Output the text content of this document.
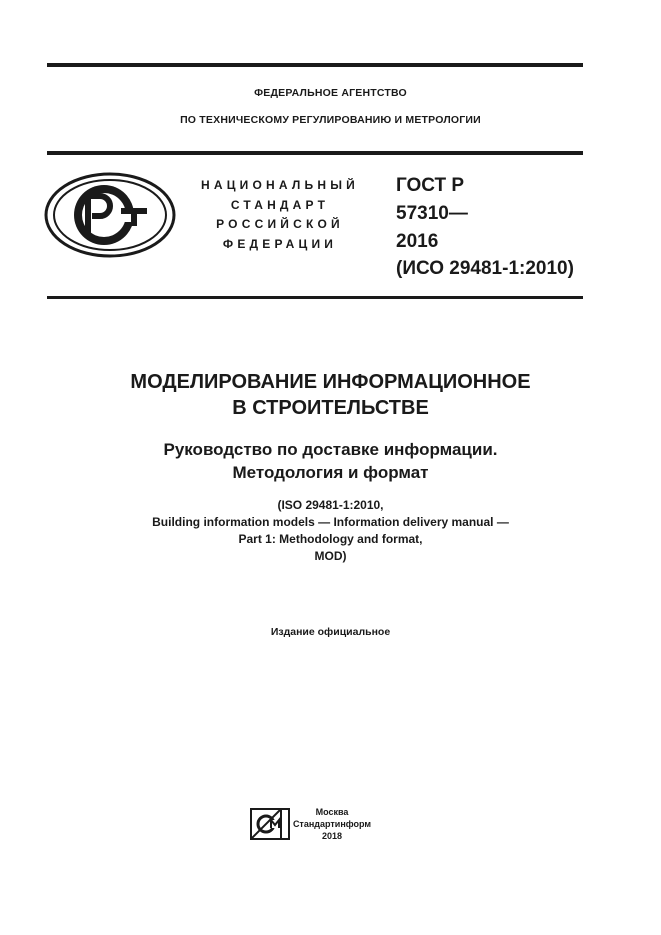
ФЕДЕРАЛЬНОЕ АГЕНТСТВО
ПО ТЕХНИЧЕСКОМУ РЕГУЛИРОВАНИЮ И МЕТРОЛОГИИ
НАЦИОНАЛЬНЫЙ
СТАНДАРТ
РОССИЙСКОЙ
ФЕДЕРАЦИИ
ГОСТ Р
57310—
2016
(ИСО 29481-1:2010)
МОДЕЛИРОВАНИЕ ИНФОРМАЦИОННОЕ
В СТРОИТЕЛЬСТВЕ
Руководство по доставке информации.
Методология и формат
(ISO 29481-1:2010,
Building information models — Information delivery manual —
Part 1: Methodology and format,
MOD)
Издание официальное
Москва
Стандартинформ
2018
